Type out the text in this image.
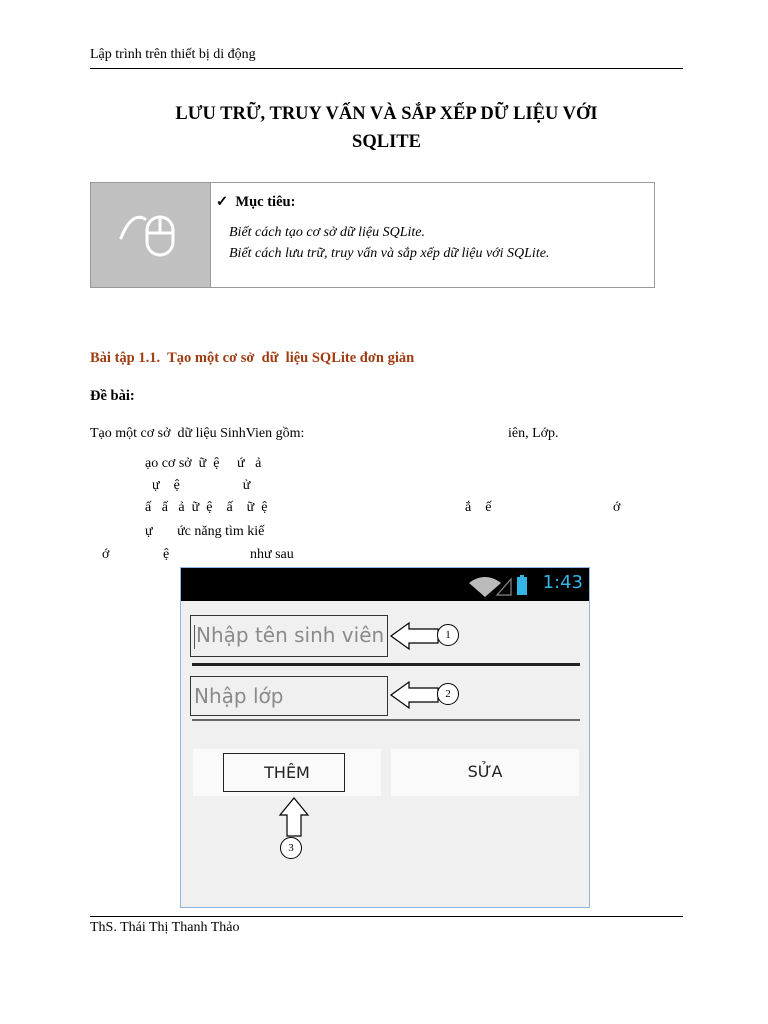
Lập trình trên thiết bị di động
LƯU TRỮ, TRUY VẤN VÀ SẮP XẾP DỮ LIỆU VỚI
SQLITE
✓ Mục tiêu:
Biết cách tạo cơ sở dữ liệu SQLite.
Biết cách lưu trữ, truy vấn và sắp xếp dữ liệu với SQLite.
Bài tập 1.1.  Tạo một cơ sở  dữ  liệu SQLite đơn giản
Đề bài:
Tạo một cơ sở  dữ liệu SinhVien gồm:	iên, Lớp.
ạo cơ sở  ữ  ệ     ứ   ả
ự    ệ                  ử
ấ   ấ   ả  ữ  ệ    ấ    ữ  ệ	ắ    ế	ớ
ự       ức năng tìm kiế
ớ	ệ	như sau
1:43
Nhập tên sinh viên
Nhập lớp
THÊM	SỬA
1
2
3
ThS. Thái Thị Thanh Thảo
